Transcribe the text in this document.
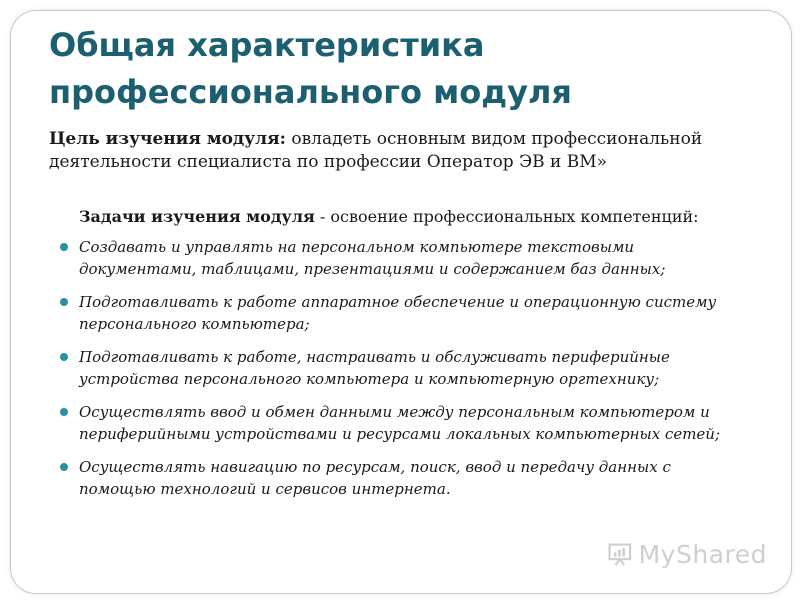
Общая характеристика
профессионального модуля

Цель изучения модуля: овладеть основным видом профессиональной деятельности специалиста по профессии Оператор ЭВ и ВМ»

Задачи изучения модуля - освоение профессиональных компетенций:

Создавать и управлять на персональном компьютере текстовыми документами, таблицами, презентациями и содержанием баз данных;
Подготавливать к работе аппаратное обеспечение и операционную систему персонального компьютера;
Подготавливать к работе, настраивать и обслуживать периферийные устройства персонального компьютера и компьютерную оргтехнику;
Осуществлять ввод и обмен данными между персональным компьютером и периферийными устройствами и ресурсами локальных компьютерных сетей;
Осуществлять навигацию по ресурсам, поиск, ввод и передачу данных с помощью технологий и сервисов интернета.
MyShared
